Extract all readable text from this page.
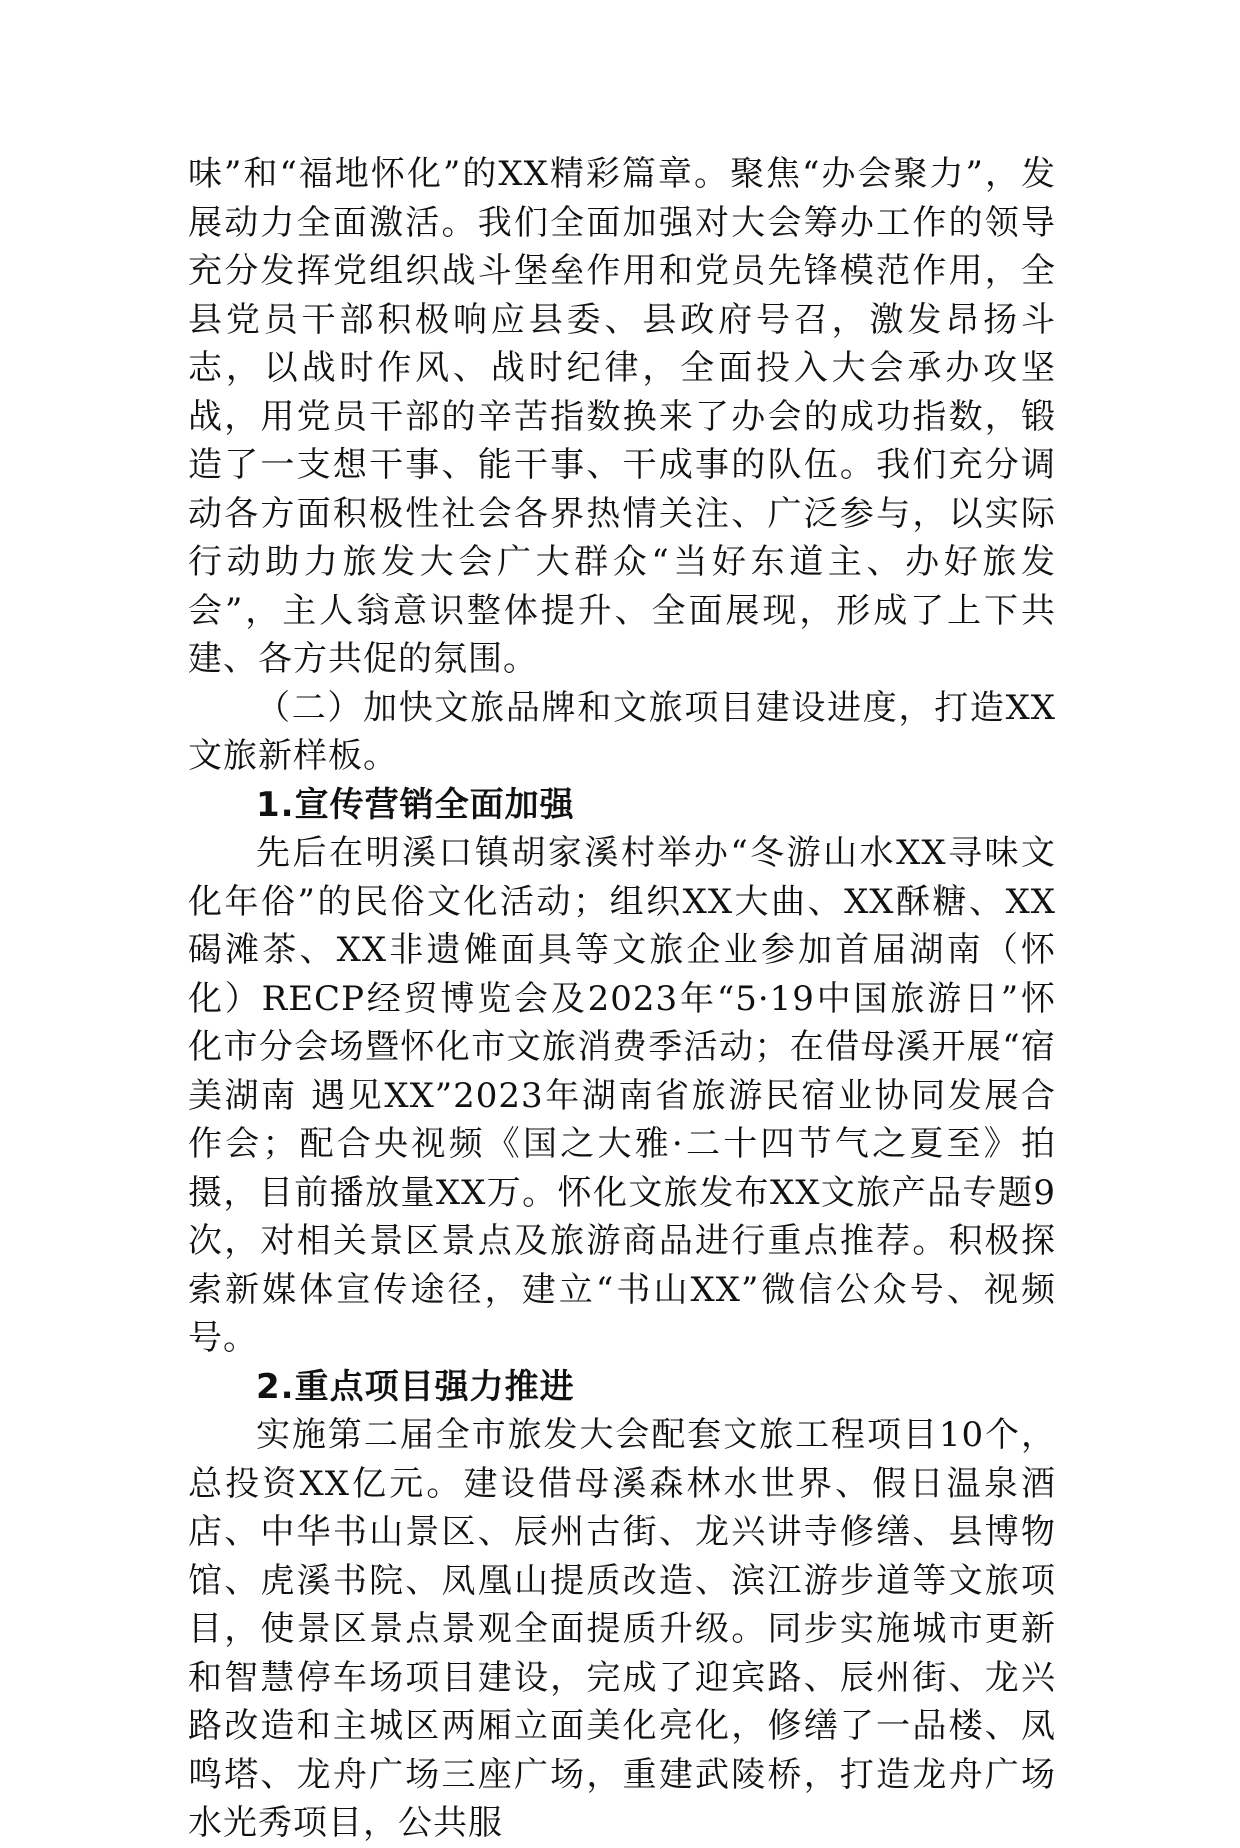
味”和“福地怀化”的XX精彩篇章。聚焦“办会聚力”，发展动力全面激活。我们全面加强对大会筹办工作的领导充分发挥党组织战斗堡垒作用和党员先锋模范作用，全县党员干部积极响应县委、县政府号召，激发昂扬斗志，以战时作风、战时纪律，全面投入大会承办攻坚战，用党员干部的辛苦指数换来了办会的成功指数，锻造了一支想干事、能干事、干成事的队伍。我们充分调动各方面积极性社会各界热情关注、广泛参与，以实际行动助力旅发大会广大群众“当好东道主、办好旅发会”，主人翁意识整体提升、全面展现，形成了上下共建、各方共促的氛围。

（二）加快文旅品牌和文旅项目建设进度，打造XX文旅新样板。

1.宣传营销全面加强

先后在明溪口镇胡家溪村举办“冬游山水XX寻味文化年俗”的民俗文化活动；组织XX大曲、XX酥糖、XX碣滩茶、XX非遗傩面具等文旅企业参加首届湖南（怀化）RECP经贸博览会及2023年“5·19中国旅游日”怀化市分会场暨怀化市文旅消费季活动；在借母溪开展“宿美湖南 遇见XX”2023年湖南省旅游民宿业协同发展合作会；配合央视频《国之大雅·二十四节气之夏至》拍摄，目前播放量XX万。怀化文旅发布XX文旅产品专题9次，对相关景区景点及旅游商品进行重点推荐。积极探索新媒体宣传途径，建立“书山XX”微信公众号、视频号。

2.重点项目强力推进

实施第二届全市旅发大会配套文旅工程项目10个，总投资XX亿元。建设借母溪森林水世界、假日温泉酒店、中华书山景区、辰州古街、龙兴讲寺修缮、县博物馆、虎溪书院、凤凰山提质改造、滨江游步道等文旅项目，使景区景点景观全面提质升级。同步实施城市更新和智慧停车场项目建设，完成了迎宾路、辰州街、龙兴路改造和主城区两厢立面美化亮化，修缮了一品楼、凤鸣塔、龙舟广场三座广场，重建武陵桥，打造龙舟广场水光秀项目，公共服
